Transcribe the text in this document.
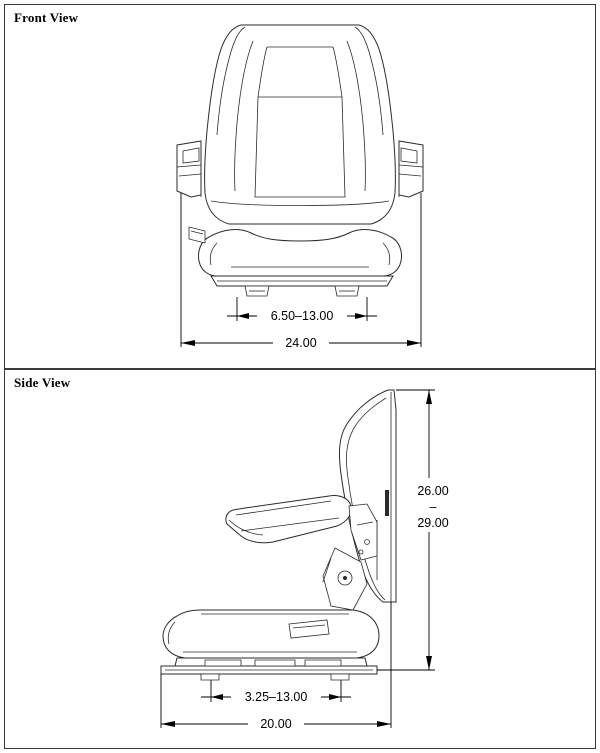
Front View
6.50–13.00
24.00
Side View
26.00
–
29.00
3.25–13.00
20.00
